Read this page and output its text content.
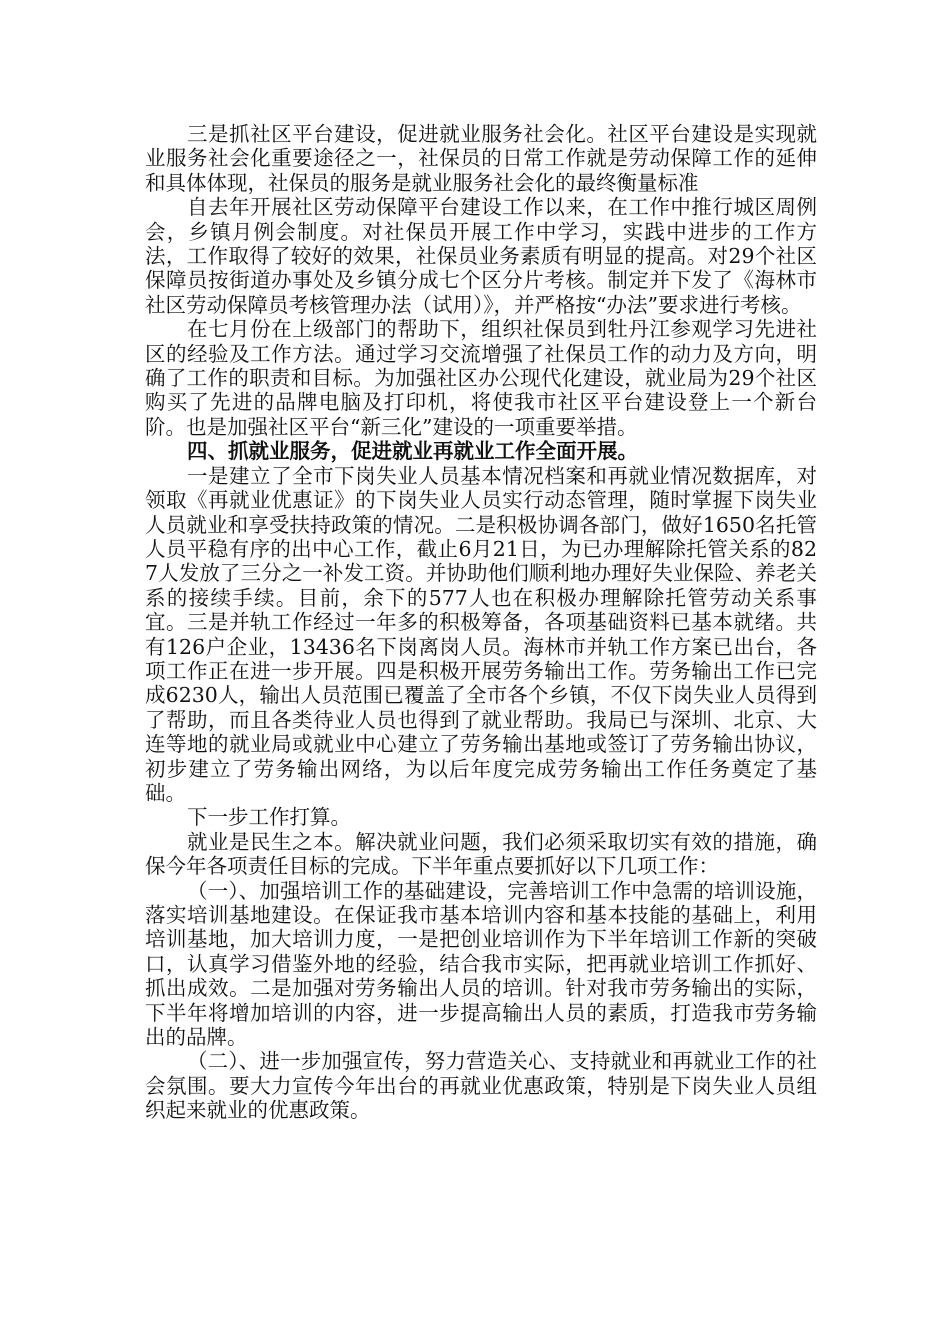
三是抓社区平台建设，促进就业服务社会化。社区平台建设是实现就业服务社会化重要途径之一，社保员的日常工作就是劳动保障工作的延伸和具体体现，社保员的服务是就业服务社会化的最终衡量标准

自去年开展社区劳动保障平台建设工作以来，在工作中推行城区周例会，乡镇月例会制度。对社保员开展工作中学习，实践中进步的工作方法，工作取得了较好的效果，社保员业务素质有明显的提高。对29个社区保障员按街道办事处及乡镇分成七个区分片考核。制定并下发了《海林市社区劳动保障员考核管理办法（试用）》，并严格按“办法”要求进行考核。

在七月份在上级部门的帮助下，组织社保员到牡丹江参观学习先进社区的经验及工作方法。通过学习交流增强了社保员工作的动力及方向，明确了工作的职责和目标。为加强社区办公现代化建设，就业局为29个社区购买了先进的品牌电脑及打印机，将使我市社区平台建设登上一个新台阶。也是加强社区平台“新三化”建设的一项重要举措。

四、抓就业服务，促进就业再就业工作全面开展。

一是建立了全市下岗失业人员基本情况档案和再就业情况数据库，对领取《再就业优惠证》的下岗失业人员实行动态管理，随时掌握下岗失业人员就业和享受扶持政策的情况。二是积极协调各部门，做好1650名托管人员平稳有序的出中心工作，截止6月21日，为已办理解除托管关系的827人发放了三分之一补发工资。并协助他们顺利地办理好失业保险、养老关系的接续手续。目前，余下的577人也在积极办理解除托管劳动关系事宜。三是并轨工作经过一年多的积极筹备，各项基础资料已基本就绪。共有126户企业，13436名下岗离岗人员。海林市并轨工作方案已出台，各项工作正在进一步开展。四是积极开展劳务输出工作。劳务输出工作已完成6230人，输出人员范围已覆盖了全市各个乡镇，不仅下岗失业人员得到了帮助，而且各类待业人员也得到了就业帮助。我局已与深圳、北京、大连等地的就业局或就业中心建立了劳务输出基地或签订了劳务输出协议，初步建立了劳务输出网络，为以后年度完成劳务输出工作任务奠定了基础。

下一步工作打算。

就业是民生之本。解决就业问题，我们必须采取切实有效的措施，确保今年各项责任目标的完成。下半年重点要抓好以下几项工作：

（一）、加强培训工作的基础建设，完善培训工作中急需的培训设施，落实培训基地建设。在保证我市基本培训内容和基本技能的基础上，利用培训基地，加大培训力度，一是把创业培训作为下半年培训工作新的突破口，认真学习借鉴外地的经验，结合我市实际，把再就业培训工作抓好、抓出成效。二是加强对劳务输出人员的培训。针对我市劳务输出的实际，下半年将增加培训的内容，进一步提高输出人员的素质，打造我市劳务输出的品牌。

（二）、进一步加强宣传，努力营造关心、支持就业和再就业工作的社会氛围。要大力宣传今年出台的再就业优惠政策，特别是下岗失业人员组织起来就业的优惠政策。
